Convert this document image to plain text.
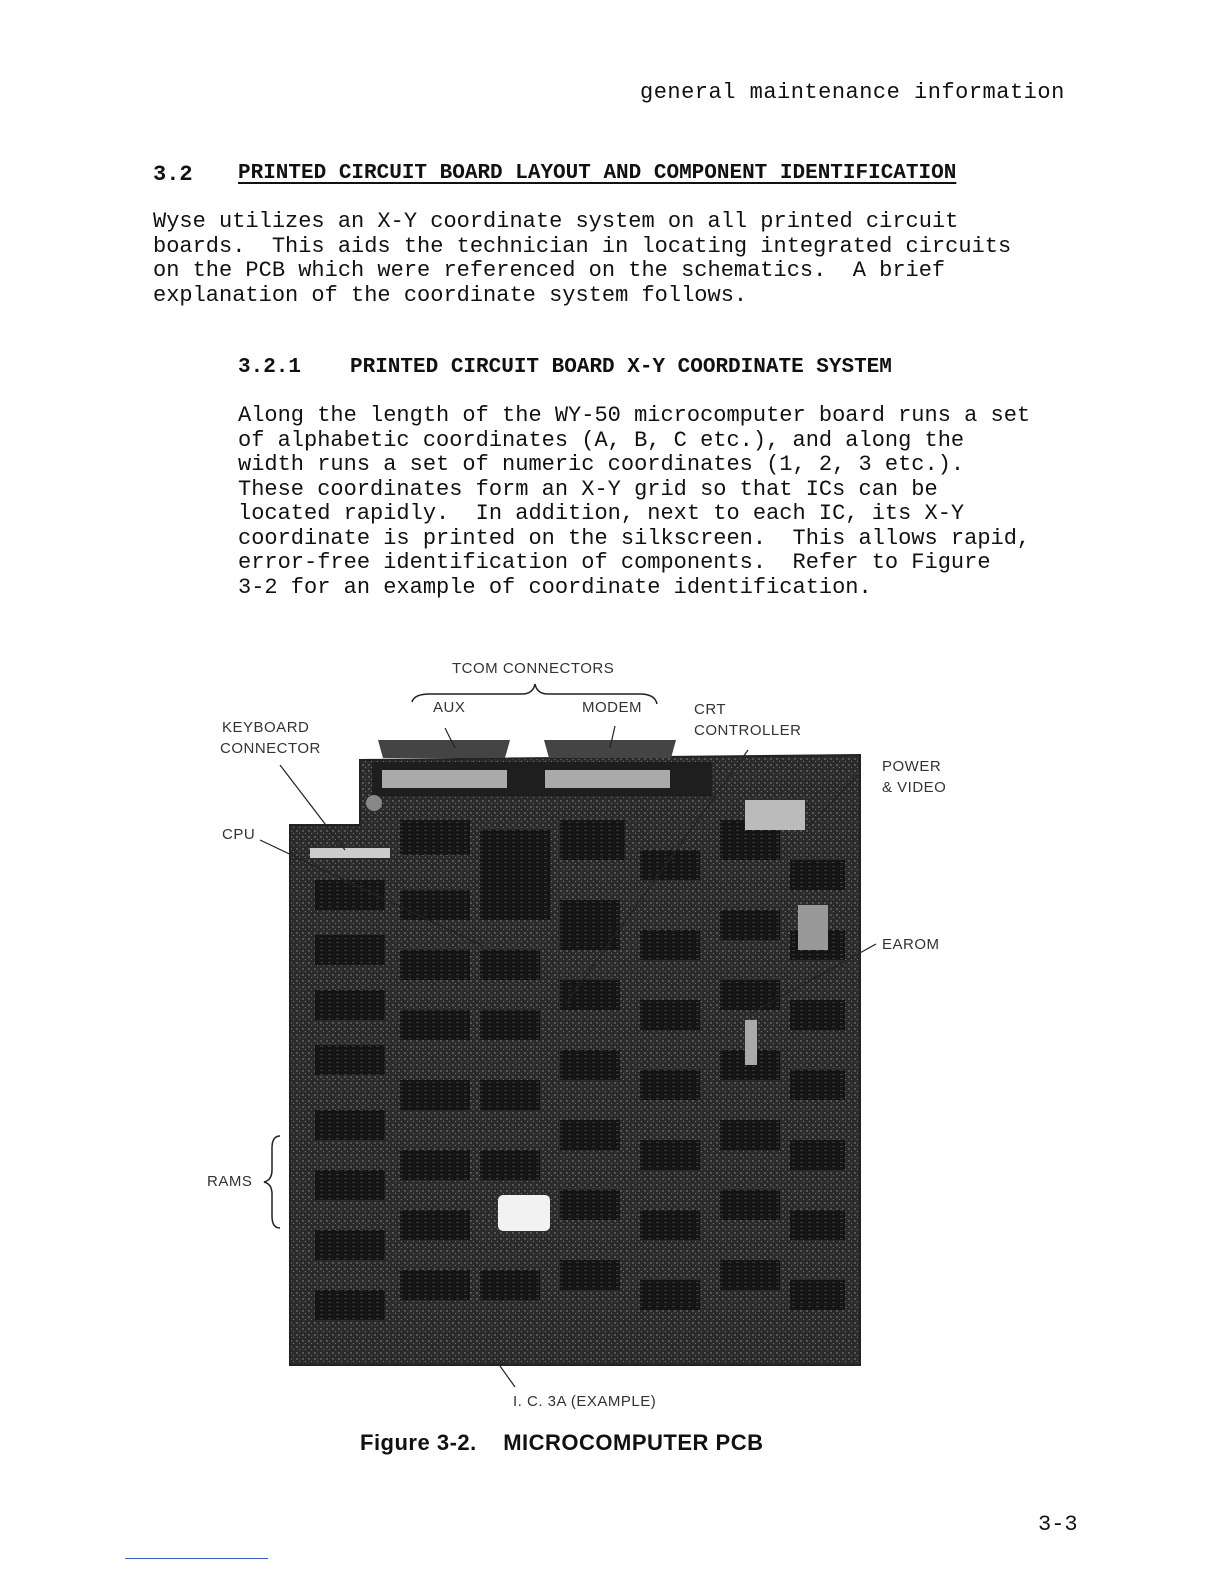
general maintenance information
3.2 PRINTED CIRCUIT BOARD LAYOUT AND COMPONENT IDENTIFICATION
Wyse utilizes an X-Y coordinate system on all printed circuit
boards.  This aids the technician in locating integrated circuits
on the PCB which were referenced on the schematics.  A brief
explanation of the coordinate system follows.
3.2.1 PRINTED CIRCUIT BOARD X-Y COORDINATE SYSTEM
Along the length of the WY-50 microcomputer board runs a set
of alphabetic coordinates (A, B, C etc.), and along the
width runs a set of numeric coordinates (1, 2, 3 etc.).
These coordinates form an X-Y grid so that ICs can be
located rapidly.  In addition, next to each IC, its X-Y
coordinate is printed on the silkscreen.  This allows rapid,
error-free identification of components.  Refer to Figure
3-2 for an example of coordinate identification.
TCOM CONNECTORS
AUX	MODEM	CRT
CONTROLLER
KEYBOARD
CONNECTOR
POWER
& VIDEO
CPU
EAROM
RAMS
I. C. 3A (EXAMPLE)
Figure 3-2.    MICROCOMPUTER PCB
3-3
